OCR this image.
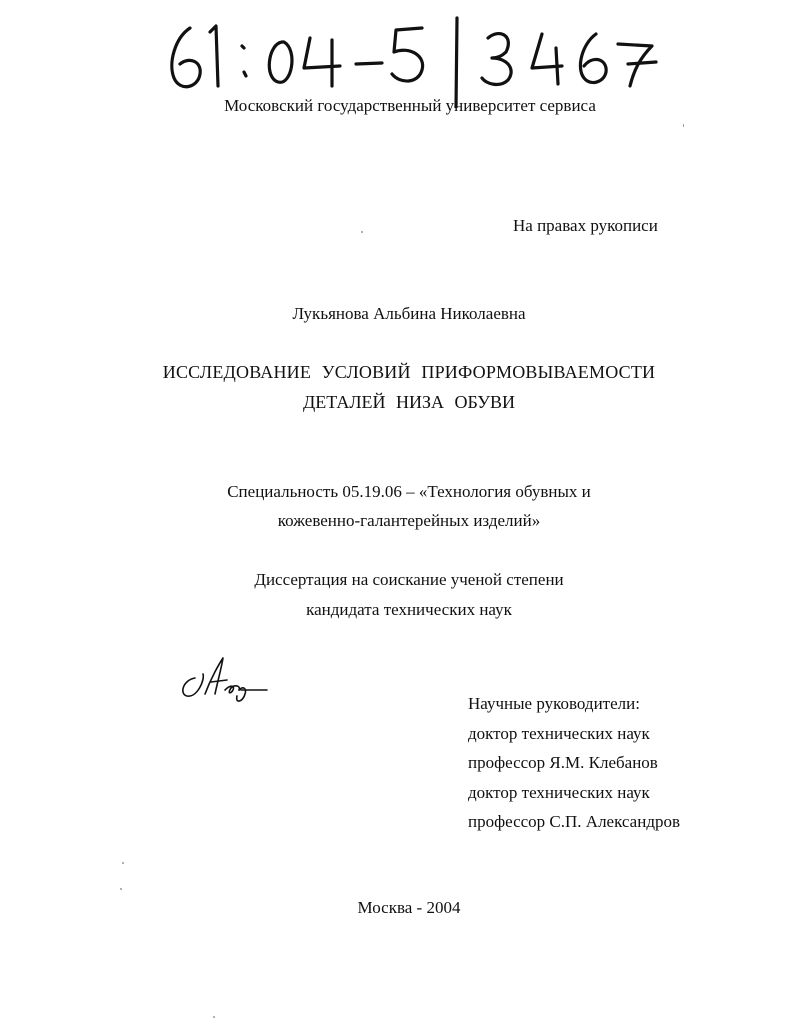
Московский государственный университет сервиса
На правах рукописи
Лукьянова Альбина Николаевна
ИССЛЕДОВАНИЕ УСЛОВИЙ ПРИФОРМОВЫВАЕМОСТИ
ДЕТАЛЕЙ НИЗА ОБУВИ
Специальность 05.19.06 – «Технология обувных и
кожевенно-галантерейных изделий»
Диссертация на соискание ученой степени
кандидата технических наук
Научные руководители:
доктор технических наук
профессор Я.М. Клебанов
доктор технических наук
профессор С.П. Александров
Москва - 2004
